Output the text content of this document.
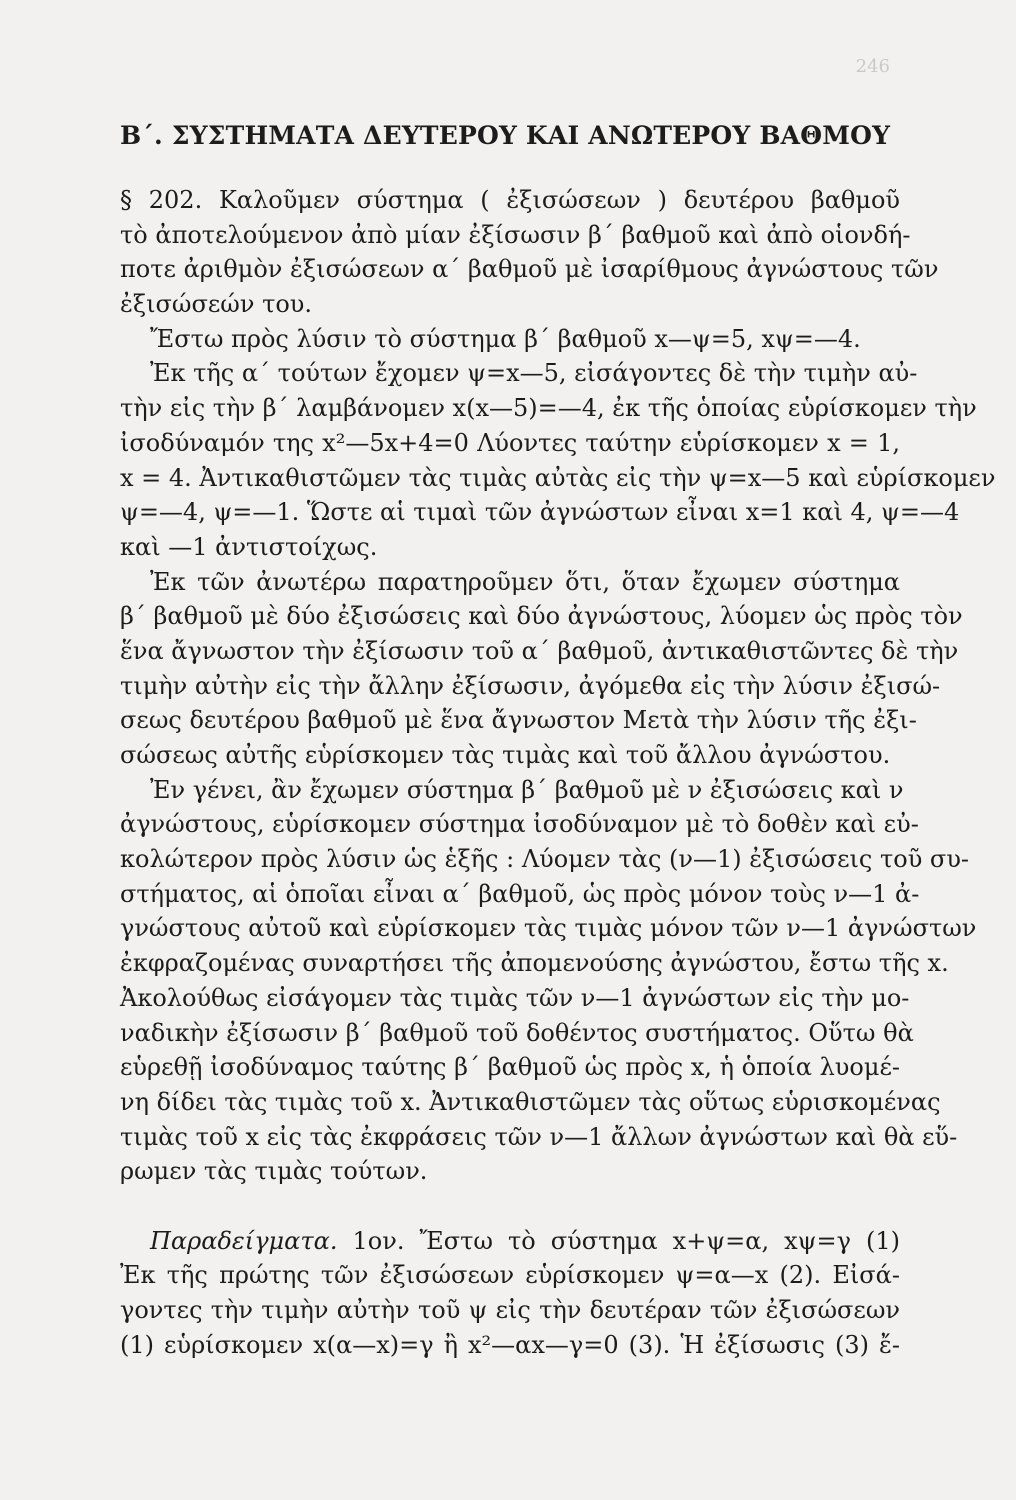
246
Β΄. ΣΥΣΤΗΜΑΤΑ ΔΕΥΤΕΡΟΥ ΚΑΙ ΑΝΩΤΕΡΟΥ ΒΑΘΜΟΥ
§ 202. Καλοῦμεν σύστημα ( ἐξισώσεων ) δευτέρου βαθμοῦ
τὸ ἀποτελούμενον ἀπὸ μίαν ἐξίσωσιν β΄ βαθμοῦ καὶ ἀπὸ οἱονδή-
ποτε ἀριθμὸν ἐξισώσεων α΄ βαθμοῦ μὲ ἰσαρίθμους ἀγνώστους τῶν
ἐξισώσεών του.
Ἔστω πρὸς λύσιν τὸ σύστημα β΄ βαθμοῦ x—ψ=5, xψ=—4.
Ἐκ τῆς α΄ τούτων ἔχομεν ψ=x—5, εἰσάγοντες δὲ τὴν τιμὴν αὐ-
τὴν εἰς τὴν β΄ λαμβάνομεν x(x—5)=—4, ἐκ τῆς ὁποίας εὑρίσκομεν τὴν
ἰσοδύναμόν της x²—5x+4=0 Λύοντες ταύτην εὑρίσκομεν x = 1,
x = 4. Ἀντικαθιστῶμεν τὰς τιμὰς αὐτὰς εἰς τὴν ψ=x—5 καὶ εὑρίσκομεν
ψ=—4, ψ=—1. Ὥστε αἱ τιμαὶ τῶν ἀγνώστων εἶναι x=1 καὶ 4, ψ=—4
καὶ —1 ἀντιστοίχως.
Ἐκ τῶν ἀνωτέρω παρατηροῦμεν ὅτι, ὅταν ἔχωμεν σύστημα
β΄ βαθμοῦ μὲ δύο ἐξισώσεις καὶ δύο ἀγνώστους, λύομεν ὡς πρὸς τὸν
ἕνα ἄγνωστον τὴν ἐξίσωσιν τοῦ α΄ βαθμοῦ, ἀντικαθιστῶντες δὲ τὴν
τιμὴν αὐτὴν εἰς τὴν ἄλλην ἐξίσωσιν, ἀγόμεθα εἰς τὴν λύσιν ἐξισώ-
σεως δευτέρου βαθμοῦ μὲ ἕνα ἄγνωστον Μετὰ τὴν λύσιν τῆς ἐξι-
σώσεως αὐτῆς εὑρίσκομεν τὰς τιμὰς καὶ τοῦ ἄλλου ἀγνώστου.
Ἐν γένει, ἂν ἔχωμεν σύστημα β΄ βαθμοῦ μὲ ν ἐξισώσεις καὶ ν
ἀγνώστους, εὑρίσκομεν σύστημα ἰσοδύναμον μὲ τὸ δοθὲν καὶ εὐ-
κολώτερον πρὸς λύσιν ὡς ἑξῆς : Λύομεν τὰς (ν—1) ἐξισώσεις τοῦ συ-
στήματος, αἱ ὁποῖαι εἶναι α΄ βαθμοῦ, ὡς πρὸς μόνον τοὺς ν—1 ἀ-
γνώστους αὐτοῦ καὶ εὑρίσκομεν τὰς τιμὰς μόνον τῶν ν—1 ἀγνώστων
ἐκφραζομένας συναρτήσει τῆς ἀπομενούσης ἀγνώστου, ἔστω τῆς x.
Ἀκολούθως εἰσάγομεν τὰς τιμὰς τῶν ν—1 ἀγνώστων εἰς τὴν μο-
ναδικὴν ἐξίσωσιν β΄ βαθμοῦ τοῦ δοθέντος συστήματος. Οὕτω θὰ
εὑρεθῇ ἰσοδύναμος ταύτης β΄ βαθμοῦ ὡς πρὸς x, ἡ ὁποία λυομέ-
νη δίδει τὰς τιμὰς τοῦ x. Ἀντικαθιστῶμεν τὰς οὕτως εὑρισκομένας
τιμὰς τοῦ x εἰς τὰς ἐκφράσεις τῶν ν—1 ἄλλων ἀγνώστων καὶ θὰ εὕ-
ρωμεν τὰς τιμὰς τούτων.
Παραδείγματα. 1ον. Ἔστω τὸ σύστημα x+ψ=α, xψ=γ (1)
Ἐκ τῆς πρώτης τῶν ἐξισώσεων εὑρίσκομεν ψ=α—x (2). Εἰσά-
γοντες τὴν τιμὴν αὐτὴν τοῦ ψ εἰς τὴν δευτέραν τῶν ἐξισώσεων
(1) εὑρίσκομεν x(α—x)=γ ἢ x²—αx—γ=0 (3). Ἡ ἐξίσωσις (3) ἔ-
